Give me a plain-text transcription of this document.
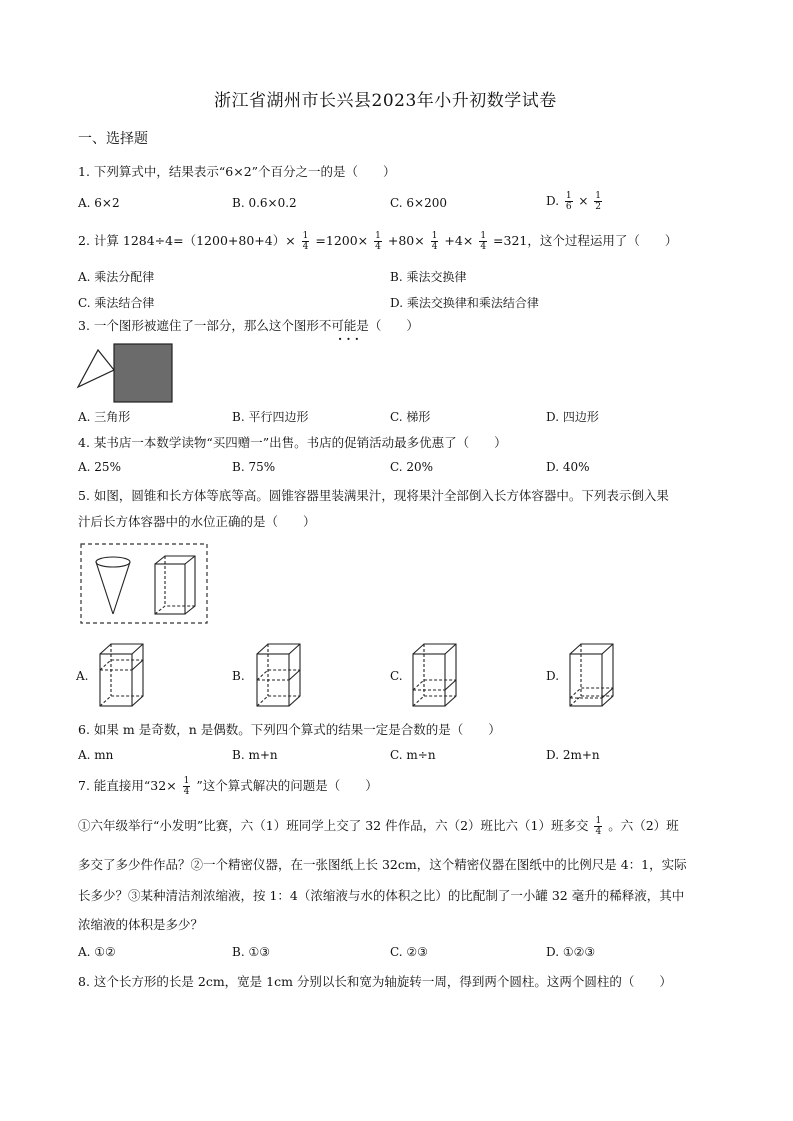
浙江省湖州市长兴县2023年小升初数学试卷
一、选择题
1. 下列算式中，结果表示“6×2”个百分之一的是（　　）
A. 6×2	B. 0.6×0.2	C. 6×200	D. $\frac{1}{6} \times \frac{1}{2}$
2. 计算 $1284\div 4=(1200+80+4)\times \frac{1}{4} =1200\times \frac{1}{4} +80\times \frac{1}{4} +4\times \frac{1}{4} =321$，这个过程运用了（　　）
A. 乘法分配律	B. 乘法交换律
C. 乘法结合律	D. 乘法交换律和乘法结合律
3. 一个图形被遮住了一部分，那么这个图形不可能是（　　）
· · ·
A. 三角形	B. 平行四边形	C. 梯形	D. 四边形
4. 某书店一本数学读物“买四赠一”出售。书店的促销活动最多优惠了（　　）
A. 25%	B. 75%	C. 20%	D. 40%
5. 如图，圆锥和长方体等底等高。圆锥容器里装满果汁，现将果汁全部倒入长方体容器中。下列表示倒入果
汁后长方体容器中的水位正确的是（　　）
A.	B.	C.	D.
6. 如果 m 是奇数，n 是偶数。下列四个算式的结果一定是合数的是（　　）
A. mn	B. m+n	C. m÷n	D. 2m+n
7. 能直接用“$32\times \frac{1}{4}$ ”这个算式解决的问题是（　　）
①六年级举行“小发明”比赛，六（1）班同学上交了 32 件作品，六（2）班比六（1）班多交 $\frac{1}{4}$ 。六（2）班
多交了多少件作品？②一个精密仪器，在一张图纸上长 32cm，这个精密仪器在图纸中的比例尺是 4：1，实际
长多少？③某种清洁剂浓缩液，按 1：4（浓缩液与水的体积之比）的比配制了一小罐 32 毫升的稀释液，其中
浓缩液的体积是多少？
A. ①②	B. ①③	C. ②③	D. ①②③
8. 这个长方形的长是 2cm，宽是 1cm 分别以长和宽为轴旋转一周，得到两个圆柱。这两个圆柱的（　　）
